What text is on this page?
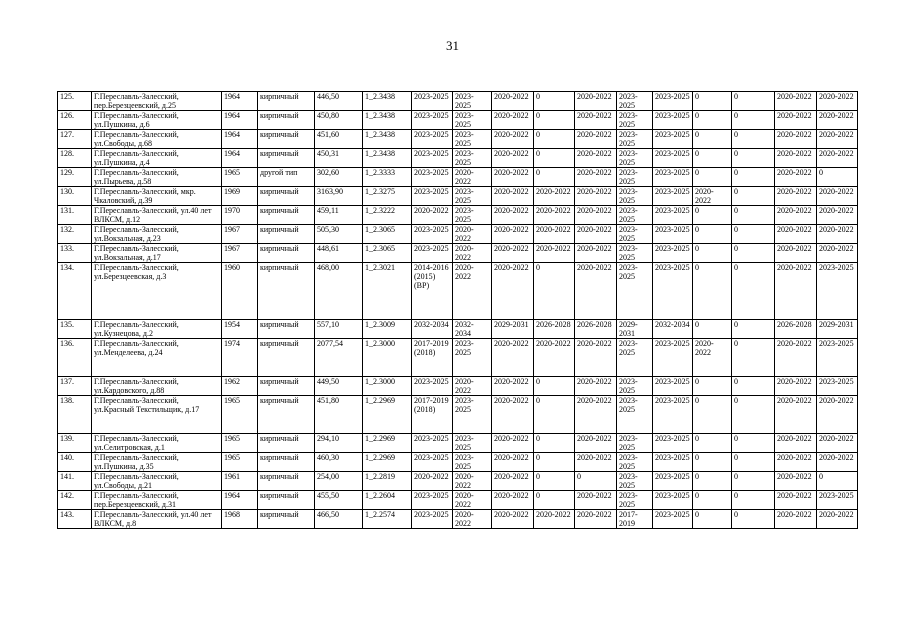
31
125.	Г.Переславль-Залесский, пер.Березцеевский, д.25	1964	кирпичный	446,50	1_2.3438	2023-2025	2023-2025	2020-2022	0	2020-2022	2023-2025	2023-2025	0	0	2020-2022	2020-2022
126.	Г.Переславль-Залесский, ул.Пушкина, д.6	1964	кирпичный	450,80	1_2.3438	2023-2025	2023-2025	2020-2022	0	2020-2022	2023-2025	2023-2025	0	0	2020-2022	2020-2022
127.	Г.Переславль-Залесский, ул.Свободы, д.68	1964	кирпичный	451,60	1_2.3438	2023-2025	2023-2025	2020-2022	0	2020-2022	2023-2025	2023-2025	0	0	2020-2022	2020-2022
128.	Г.Переславль-Залесский, ул.Пушкина, д.4	1964	кирпичный	450,31	1_2.3438	2023-2025	2023-2025	2020-2022	0	2020-2022	2023-2025	2023-2025	0	0	2020-2022	2020-2022
129.	Г.Переславль-Залесский, ул.Пырьева, д.58	1965	другой тип	302,60	1_2.3333	2023-2025	2020-2022	2020-2022	0	2020-2022	2023-2025	2023-2025	0	0	2020-2022	0
130.	Г.Переславль-Залесский, мкр. Чкаловский, д.39	1969	кирпичный	3163,90	1_2.3275	2023-2025	2023-2025	2020-2022	2020-2022	2020-2022	2023-2025	2023-2025	2020-2022	0	2020-2022	2020-2022
131.	Г.Переславль-Залесский, ул.40 лет ВЛКСМ, д.12	1970	кирпичный	459,11	1_2.3222	2020-2022	2023-2025	2020-2022	2020-2022	2020-2022	2023-2025	2023-2025	0	0	2020-2022	2020-2022
132.	Г.Переславль-Залесский, ул.Вокзальная, д.23	1967	кирпичный	505,30	1_2.3065	2023-2025	2020-2022	2020-2022	2020-2022	2020-2022	2023-2025	2023-2025	0	0	2020-2022	2020-2022
133.	Г.Переславль-Залесский, ул.Вокзальная, д.17	1967	кирпичный	448,61	1_2.3065	2023-2025	2020-2022	2020-2022	2020-2022	2020-2022	2023-2025	2023-2025	0	0	2020-2022	2020-2022
134.	Г.Переславль-Залесский, ул.Березцеевская, д.3	1960	кирпичный	468,00	1_2.3021	2014-2016 (2015) (ВР)	2020-2022	2020-2022	0	2020-2022	2023-2025	2023-2025	0	0	2020-2022	2023-2025
135.	Г.Переславль-Залесский, ул.Кузнецова, д.2	1954	кирпичный	557,10	1_2.3009	2032-2034	2032-2034	2029-2031	2026-2028	2026-2028	2029-2031	2032-2034	0	0	2026-2028	2029-2031
136.	Г.Переславль-Залесский, ул.Менделеева, д.24	1974	кирпичный	2077,54	1_2.3000	2017-2019 (2018)	2023-2025	2020-2022	2020-2022	2020-2022	2023-2025	2023-2025	2020-2022	0	2020-2022	2023-2025
137.	Г.Переславль-Залесский, ул.Кардовского, д.88	1962	кирпичный	449,50	1_2.3000	2023-2025	2020-2022	2020-2022	0	2020-2022	2023-2025	2023-2025	0	0	2020-2022	2023-2025
138.	Г.Переславль-Залесский, ул.Красный Текстильщик, д.17	1965	кирпичный	451,80	1_2.2969	2017-2019 (2018)	2023-2025	2020-2022	0	2020-2022	2023-2025	2023-2025	0	0	2020-2022	2020-2022
139.	Г.Переславль-Залесский, ул.Селитровская, д.1	1965	кирпичный	294,10	1_2.2969	2023-2025	2023-2025	2020-2022	0	2020-2022	2023-2025	2023-2025	0	0	2020-2022	2020-2022
140.	Г.Переславль-Залесский, ул.Пушкина, д.35	1965	кирпичный	460,30	1_2.2969	2023-2025	2023-2025	2020-2022	0	2020-2022	2023-2025	2023-2025	0	0	2020-2022	2020-2022
141.	Г.Переславль-Залесский, ул.Свободы, д.21	1961	кирпичный	254,00	1_2.2819	2020-2022	2020-2022	2020-2022	0	0	2023-2025	2023-2025	0	0	2020-2022	0
142.	Г.Переславль-Залесский, пер.Березцеевский, д.31	1964	кирпичный	455,50	1_2.2604	2023-2025	2020-2022	2020-2022	0	2020-2022	2023-2025	2023-2025	0	0	2020-2022	2023-2025
143.	Г.Переславль-Залесский, ул.40 лет ВЛКСМ, д.8	1968	кирпичный	466,50	1_2.2574	2023-2025	2020-2022	2020-2022	2020-2022	2020-2022	2017-2019	2023-2025	0	0	2020-2022	2020-2022
